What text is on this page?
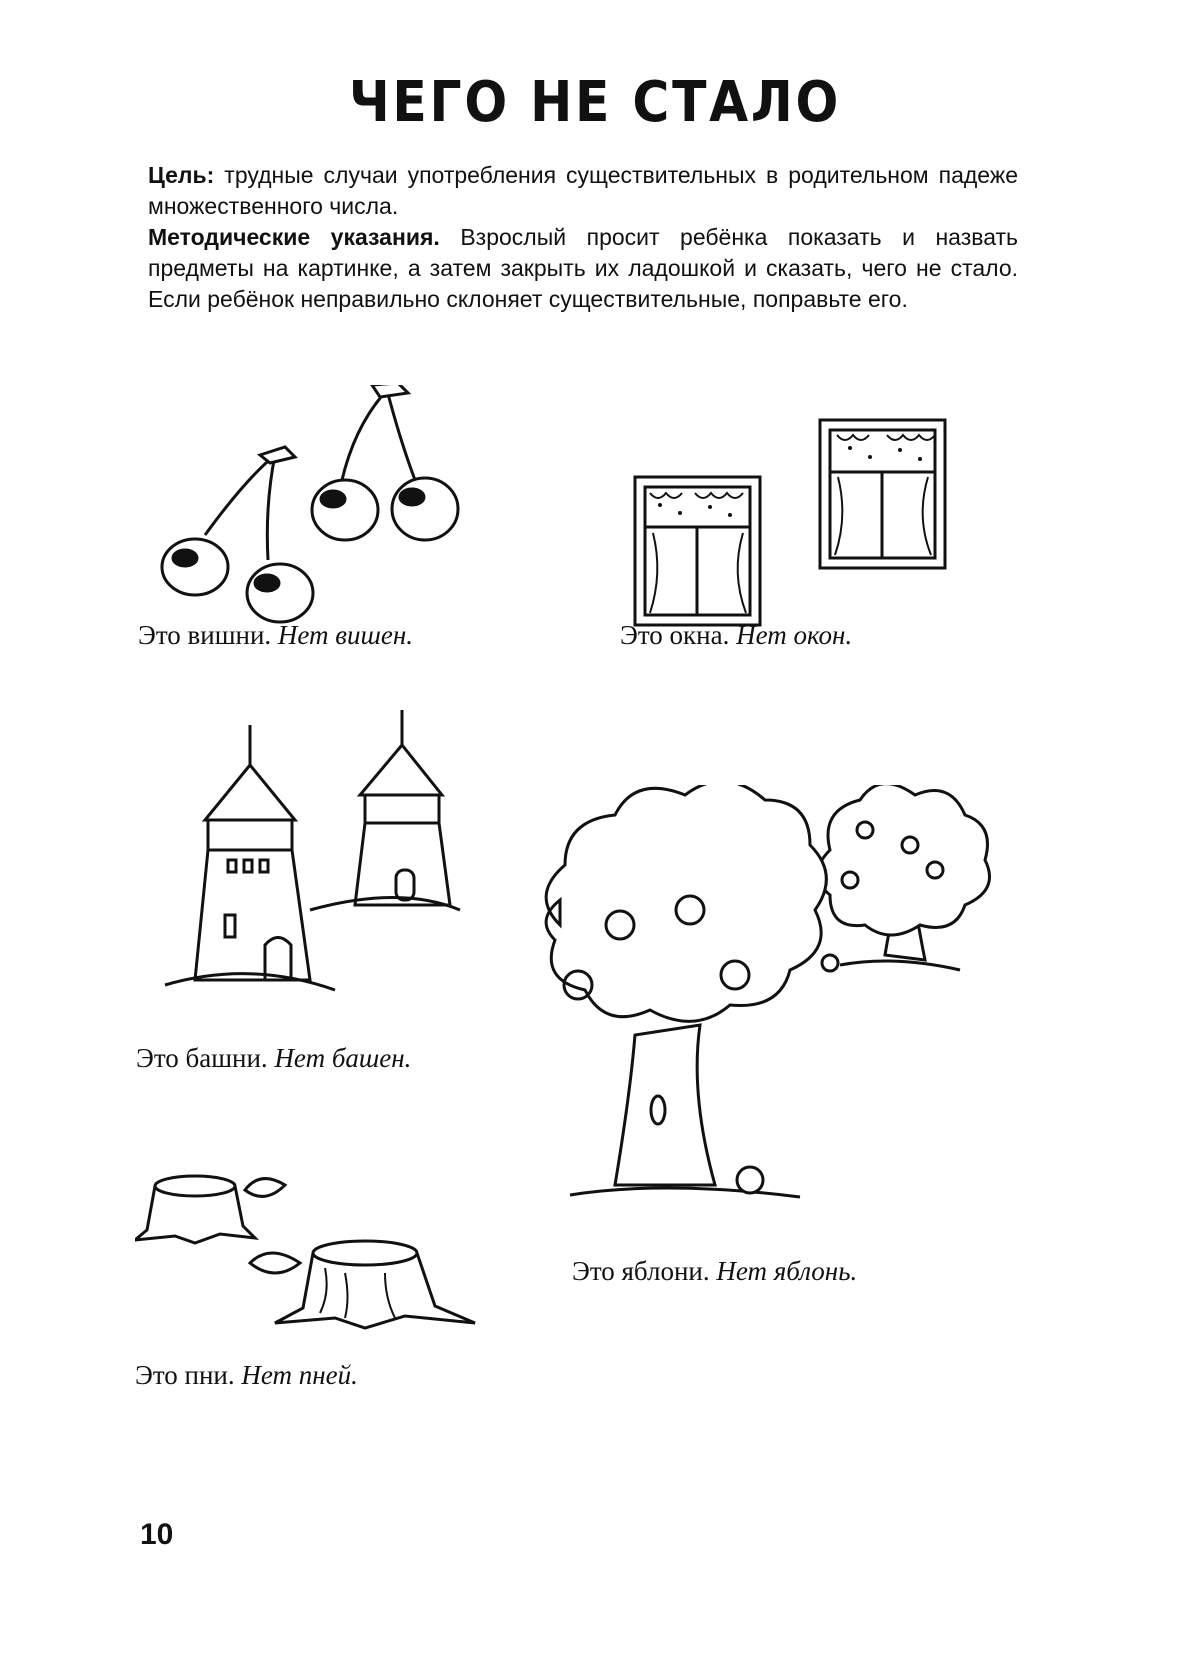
ЧЕГО НЕ СТАЛО

Цель: трудные случаи употребления существительных в родительном падеже множественного числа.

Методические указания. Взрослый просит ребёнка показать и назвать предметы на картинке, а затем закрыть их ладошкой и сказать, чего не стало. Если ребёнок неправильно склоняет существительные, поправьте его.

Это вишни. Нет вишен.	Это окна. Нет окон.
Это башни. Нет башен.
Это яблони. Нет яблонь.
Это пни. Нет пней.
10
